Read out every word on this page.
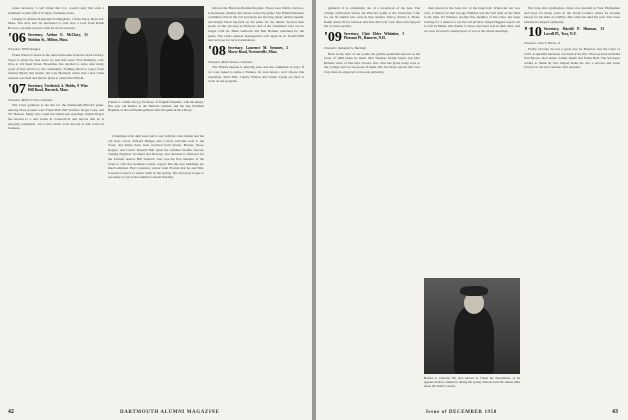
estate secretary. I can't think that C.C. would reply that such a statement would offer it in these classmate notes.

Change of address Randolph Frothingham, 1 Ware Place, Boston 8, Mass. You may also be interested to read how a note from Ralph Bowen, a prompt reporter with far more seniority.

'06 Secretary, Arthur E. McClary, 31 Sheldon St., Milton, Mass.
Treasurer, Willis Sprague

Frank Waldo is listed as the retired librarian from the State Library. Sayre is about the best news we had this issue. Fred Bulkeley, who lives at 119 Kent Street, Brookline, has decided to retire after many years of fine service to the community. Nothing much to report from Stanley Beach this month, but Guy Marshall writes that a fine Class reunion was held and that he plans to attend the Fiftieth.

'07 Secretary, Frederick A. Hobbs, 8 Wise Hill Road, Harwich, Mass.
Treasurer, Robert Frost, Chairman

The Class gathered at the Inn for the Dartmouth-Harvard game. Among those present were Frank Ball, Bill Sanford, Roger Lane, and Vic Hanson. Many who could not attend sent greetings. Ralph Thayer has moved to a new home in Connecticut and reports that he is enjoying retirement. Joe Cotter sends word that he is still active in business.

Francis L. Childs '06 (l.), Professor of English Emeritus, with his ninety-five year old mentor at the Hanover reunion, and the late President Hopkins, as the old friends gathered after the game in the Library.

Classmates who died were laid to rest with the class banner and the old class colors. Edward Hedges sent a most welcome note to the Class, and letters have been received from Rosen, Bowen, Sears, Rogers, and Cotter. Russell Hall spent the summer months abroad, visiting England, Scotland and Norway, and returned to Hanover for the football season. Bill Sanford, who was the first member of the Class to visit the Graduate Center, reports that the new buildings are much admired. Bob Lawrence writes from Florida that he and Mrs. Lawrence expect to return north in the spring. The Secretary hopes to see many of you at the Alumni Council meeting.

bellows the Harvard-Dartmouth game. There were Stitch, Cardozo, Letterkenny, Ainsley and Seaver in the big game. The Fiftieth Reunion committee met in the fall and plans are moving ahead. Arthur Spaeth, and Ralph Stead reported on the plans for the dinner. Several men spoke on the old days in Hanover and of the classmates who are no longer with us. Hank Gerhardt and Ben Holmes remained for the game. The Class reunion headquarters will again be in Topliff Hall and we hope for record attendance.

'08 Secretary, Laurence M. Symmes, 2 Morse Road, Newtonville, Mass.
Treasurer, Rufus Sisson, Chairman

The fiftieth reunion is drawing near and the committee is busy. If we were asked to name a Yankee, ah, sure knows, we'd choose this classmate. Dick Hall, Charlie Wilson and Walter Lynde are hard at work on the program.

42	DARTMOUTH ALUMNI MAGAZINE

gathered. It is completely out of a scrapbook of the past. The college celebration before the Harvard game at the University Club for our 50 alumni who were in that reunion. Pierce, Robert L. Bond, Ralph Ames, Percy Gleason and Pete McCarty were there and enjoyed the occasion greatly.

'09 Secretary, Clair Elder Whitaker, 3 Pleasant Pl., Hanover, N.H.
Treasurer, Nathaniel G. Burleigh

Back in the days of our youth, the gallant gentleman known as the Class of 1909 made its mark. Mat Thomas, Ralph Chase and Otto Holmes write of fine trips abroad. Our class has given many sons to the College and we are proud of them. The Secretary reports that over forty men are expected at the next gathering.

their places in the back row of the large hall. When the war was over, it turned out that George Watkins was the best man on the field at the time. Ed Webster, another fine member of the Class, has been looking for a chance to see the old pictures. Ralph Higgins reports all is well in Maine. Our thanks to those who have sent in their dues, and we look forward to seeing more of you at the winter meetings.

Harold A. Osborne '09, now known as 'Osbie the Woodsman', as he appeared before audiences during the spring when he held his annual talks about the North Country.

Not long after graduation, Ossie was married in New Hampshire and lived for many years in the North Country where he became known for his talks on wildlife. Mrs. Osborne died last year. The Class extends its deepest sympathy.

'10 Secretary, Harold P. Hinman, 13 Lowell Pl., Troy, N.Y.
Treasurer, John F. Horne, Jr.

Friday October 24 was a great day for Hanover and the Class of 1910. A splendid luncheon was held at the Inn. Those present included Ned Brown, Ken Ames, Arthur Smith and Frank Hall. The Secretary wishes to thank all who helped make the day a success and looks forward to the next reunion with pleasure.

Issue of DECEMBER 1958	43
